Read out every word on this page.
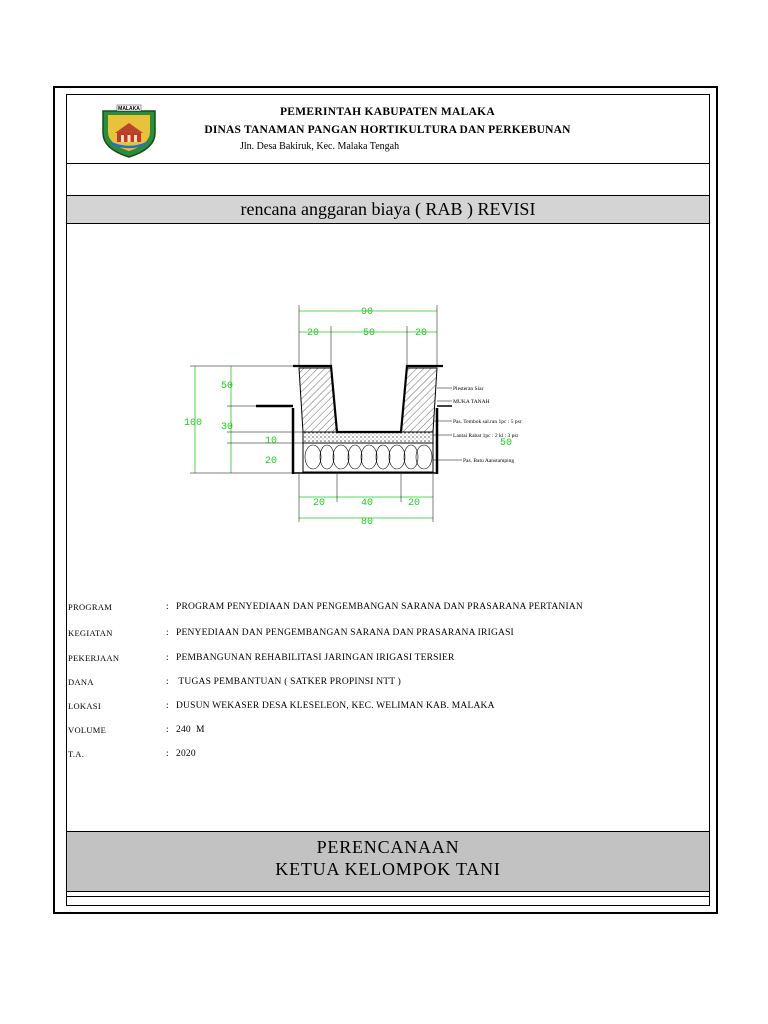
MALAKA	PEMERINTAH KABUPATEN MALAKA
DINAS TANAMAN PANGAN HORTIKULTURA DAN PERKEBUNAN
Jln. Desa Bakiruk, Kec. Malaka Tengah
rencana anggaran biaya ( RAB ) REVISI
90
20	50	20
100
50
30
10
20
20	40	20
80
50
Plesteran Siar
MUKA TANAH
Pas. Tembok sal.ran 1pc : 5 psr
Lantai Rabat 1pc : 2 kl : 3 psr
Pas. Batu Aanstamping
PROGRAM	: PROGRAM PENYEDIAAN DAN PENGEMBANGAN SARANA DAN PRASARANA PERTANIAN
KEGIATAN	: PENYEDIAAN DAN PENGEMBANGAN SARANA DAN PRASARANA IRIGASI
PEKERJAAN	: PEMBANGUNAN REHABILITASI JARINGAN IRIGASI TERSIER
DANA	: TUGAS PEMBANTUAN ( SATKER PROPINSI NTT )
LOKASI	: DUSUN WEKASER DESA KLESELEON, KEC. WELIMAN KAB. MALAKA
VOLUME	: 240  M
T.A.	: 2020
PERENCANAAN
KETUA KELOMPOK TANI
